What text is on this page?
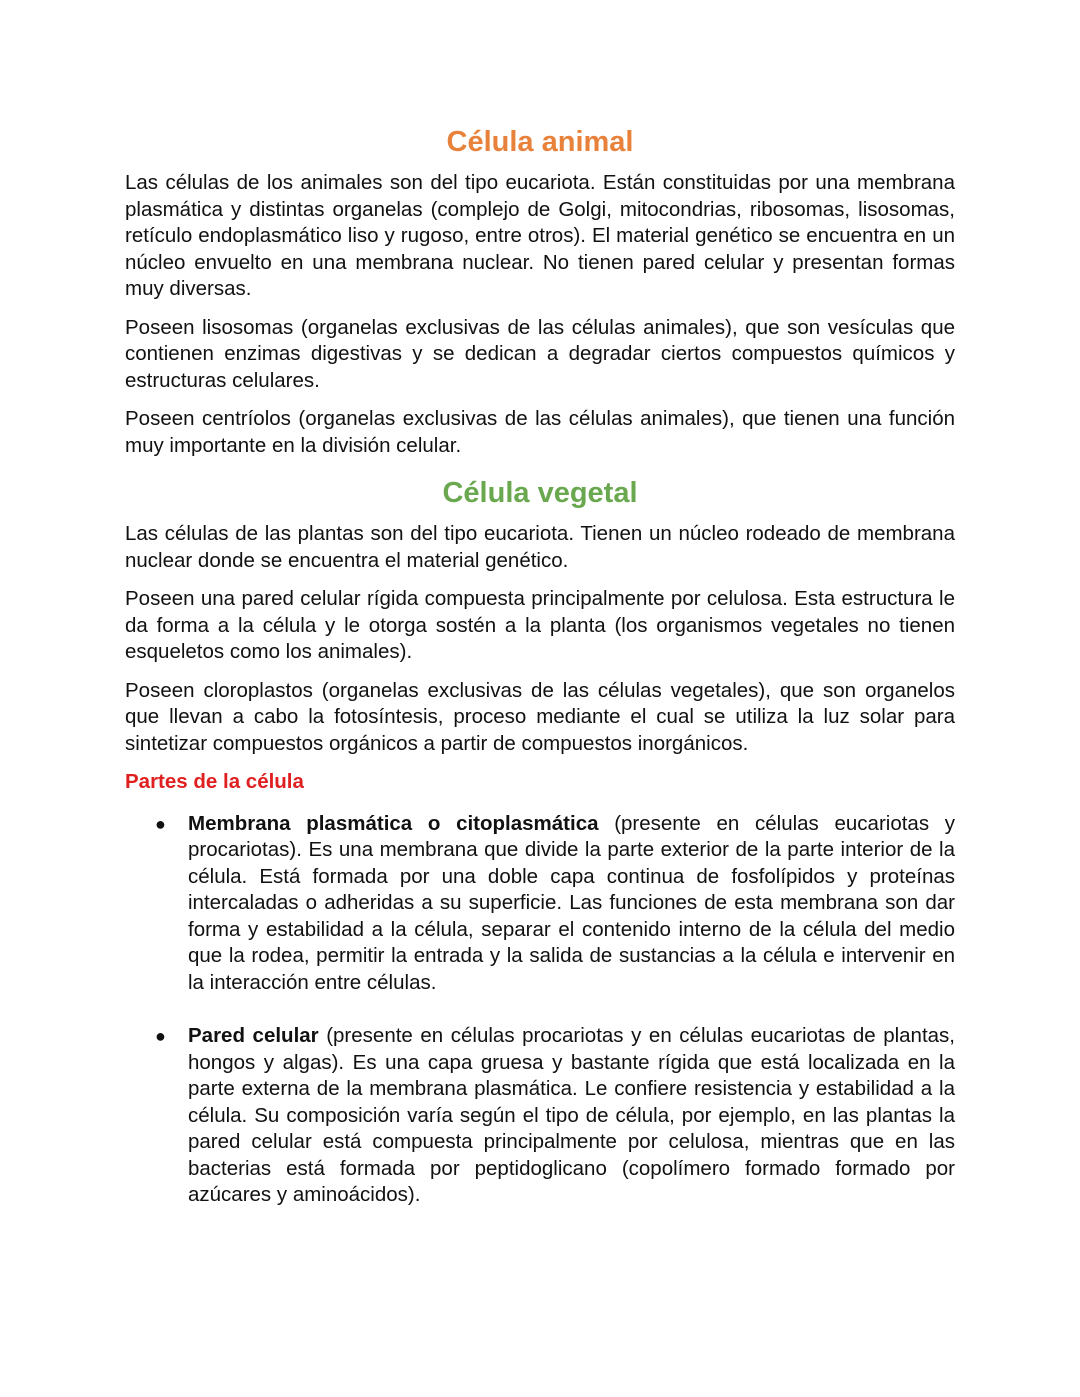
Célula animal

Las células de los animales son del tipo eucariota. Están constituidas por una membrana plasmática y distintas organelas (complejo de Golgi, mitocondrias, ribosomas, lisosomas, retículo endoplasmático liso y rugoso, entre otros). El material genético se encuentra en un núcleo envuelto en una membrana nuclear. No tienen pared celular y presentan formas muy diversas.

Poseen lisosomas (organelas exclusivas de las células animales), que son vesículas que contienen enzimas digestivas y se dedican a degradar ciertos compuestos químicos y estructuras celulares.

Poseen centríolos (organelas exclusivas de las células animales), que tienen una función muy importante en la división celular.

Célula vegetal

Las células de las plantas son del tipo eucariota. Tienen un núcleo rodeado de membrana nuclear donde se encuentra el material genético.

Poseen una pared celular rígida compuesta principalmente por celulosa. Esta estructura le da forma a la célula y le otorga sostén a la planta (los organismos vegetales no tienen esqueletos como los animales).

Poseen cloroplastos (organelas exclusivas de las células vegetales), que son organelos que llevan a cabo la fotosíntesis, proceso mediante el cual se utiliza la luz solar para sintetizar compuestos orgánicos a partir de compuestos inorgánicos.

Partes de la célula
● Membrana plasmática o citoplasmática (presente en células eucariotas y procariotas). Es una membrana que divide la parte exterior de la parte interior de la célula. Está formada por una doble capa continua de fosfolípidos y proteínas intercaladas o adheridas a su superficie. Las funciones de esta membrana son dar forma y estabilidad a la célula, separar el contenido interno de la célula del medio que la rodea, permitir la entrada y la salida de sustancias a la célula e intervenir en la interacción entre células.
● Pared celular (presente en células procariotas y en células eucariotas de plantas, hongos y algas). Es una capa gruesa y bastante rígida que está localizada en la parte externa de la membrana plasmática. Le confiere resistencia y estabilidad a la célula. Su composición varía según el tipo de célula, por ejemplo, en las plantas la pared celular está compuesta principalmente por celulosa, mientras que en las bacterias está formada por peptidoglicano (copolímero formado formado por azúcares y aminoácidos).
